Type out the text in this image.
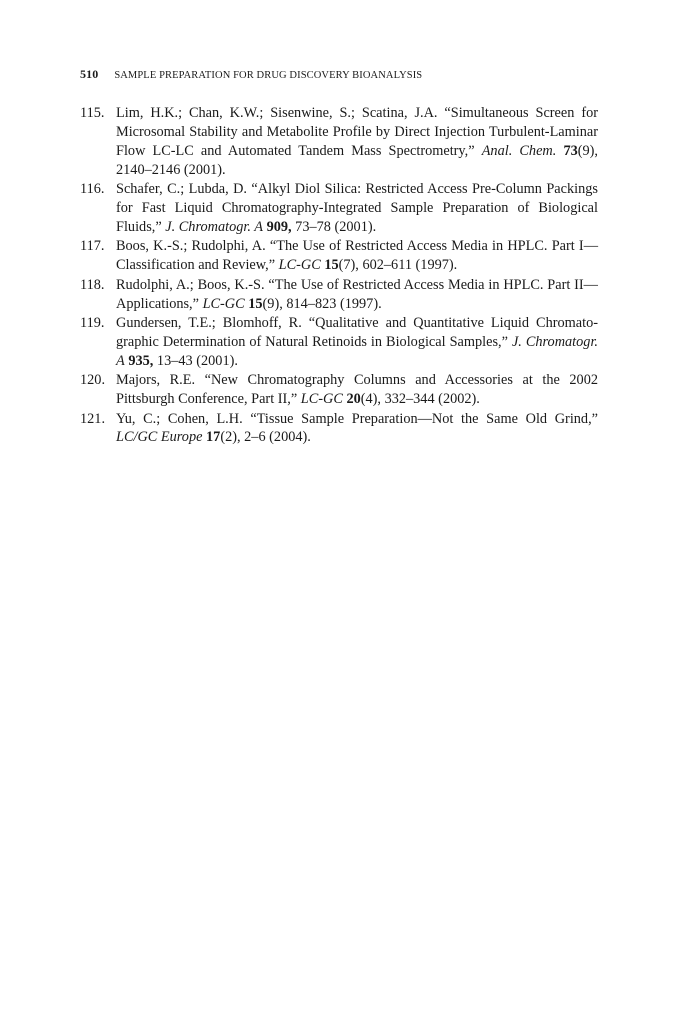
510 SAMPLE PREPARATION FOR DRUG DISCOVERY BIOANALYSIS
115. Lim, H.K.; Chan, K.W.; Sisenwine, S.; Scatina, J.A. “Simultaneous Screen for Microsomal Stability and Metabolite Profile by Direct Injection Turbulent-Laminar Flow LC-LC and Automated Tandem Mass Spectrometry,” Anal. Chem. 73(9), 2140–2146 (2001).
116. Schafer, C.; Lubda, D. “Alkyl Diol Silica: Restricted Access Pre-Column Packings for Fast Liquid Chromatography-Integrated Sample Preparation of Biological Fluids,” J. Chromatogr. A 909, 73–78 (2001).
117. Boos, K.-S.; Rudolphi, A. “The Use of Restricted Access Media in HPLC. Part I—Classification and Review,” LC-GC 15(7), 602–611 (1997).
118. Rudolphi, A.; Boos, K.-S. “The Use of Restricted Access Media in HPLC. Part II—Applications,” LC-GC 15(9), 814–823 (1997).
119. Gundersen, T.E.; Blomhoff, R. “Qualitative and Quantitative Liquid Chromatographic Determination of Natural Retinoids in Biological Samples,” J. Chromatogr. A 935, 13–43 (2001).
120. Majors, R.E. “New Chromatography Columns and Accessories at the 2002 Pittsburgh Conference, Part II,” LC-GC 20(4), 332–344 (2002).
121. Yu, C.; Cohen, L.H. “Tissue Sample Preparation—Not the Same Old Grind,” LC/GC Europe 17(2), 2–6 (2004).
